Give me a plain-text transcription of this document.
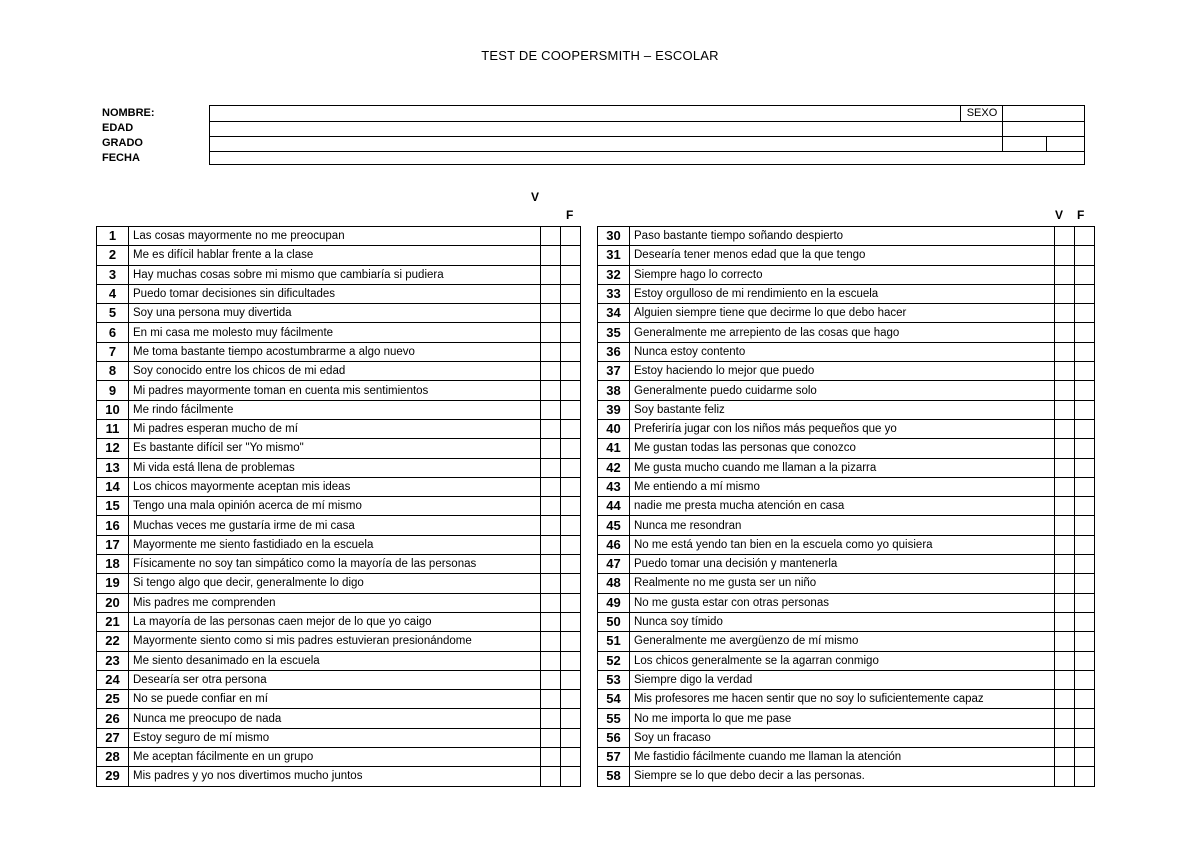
TEST DE COOPERSMITH – ESCOLAR
NOMBRE:
EDAD
GRADO
FECHA
SEXO
V
F	V F
1	Las cosas mayormente no me preocupan		
2	Me es difícil hablar frente a la clase		
3	Hay muchas cosas sobre mi mismo que cambiaría si pudiera		
4	Puedo tomar decisiones sin dificultades		
5	Soy una persona muy divertida		
6	En mi casa me molesto muy fácilmente		
7	Me toma bastante tiempo acostumbrarme a algo nuevo		
8	Soy conocido entre los chicos de mi edad		
9	Mi padres mayormente toman en cuenta mis sentimientos		
10	Me rindo fácilmente		
11	Mi padres esperan mucho de mí		
12	Es bastante difícil ser "Yo mismo"		
13	Mi vida está llena de problemas		
14	Los chicos mayormente aceptan mis ideas		
15	Tengo una mala opinión acerca de mí mismo		
16	Muchas veces me gustaría irme de mi casa		
17	Mayormente me siento fastidiado en la escuela		
18	Físicamente no soy tan simpático como la mayoría de las personas		
19	Si tengo algo que decir, generalmente lo digo		
20	Mis padres me comprenden		
21	La mayoría de las personas caen mejor de lo que yo caigo		
22	Mayormente siento como si mis padres estuvieran presionándome		
23	Me siento desanimado en la escuela		
24	Desearía ser otra persona		
25	No se puede confiar en mí		
26	Nunca me preocupo de nada		
27	Estoy seguro de mí mismo		
28	Me aceptan fácilmente en un grupo		
29	Mis padres y yo nos divertimos mucho juntos		
30	Paso bastante tiempo soñando despierto		
31	Desearía tener menos edad que la que tengo		
32	Siempre hago lo correcto		
33	Estoy orgulloso de mi rendimiento en la escuela		
34	Alguien siempre tiene que decirme lo que debo hacer		
35	Generalmente me arrepiento de las cosas que hago		
36	Nunca estoy contento		
37	Estoy haciendo lo mejor que puedo		
38	Generalmente puedo cuidarme solo		
39	Soy bastante feliz		
40	Preferiría jugar con los niños más pequeños que yo		
41	Me gustan todas las personas que conozco		
42	Me gusta mucho cuando me llaman a la pizarra		
43	Me entiendo a mí mismo		
44	nadie me presta mucha atención en casa		
45	Nunca me resondran		
46	No me está yendo tan bien en la escuela como yo quisiera		
47	Puedo tomar una decisión y mantenerla		
48	Realmente no me gusta ser un niño		
49	No me gusta estar con otras personas		
50	Nunca soy tímido		
51	Generalmente me avergüenzo de mí mismo		
52	Los chicos generalmente se la agarran conmigo		
53	Siempre digo la verdad		
54	Mis profesores me hacen sentir que no soy lo suficientemente capaz		
55	No me importa lo que me pase		
56	Soy un fracaso		
57	Me fastidio fácilmente cuando me llaman la atención		
58	Siempre se lo que debo decir a las personas.		
